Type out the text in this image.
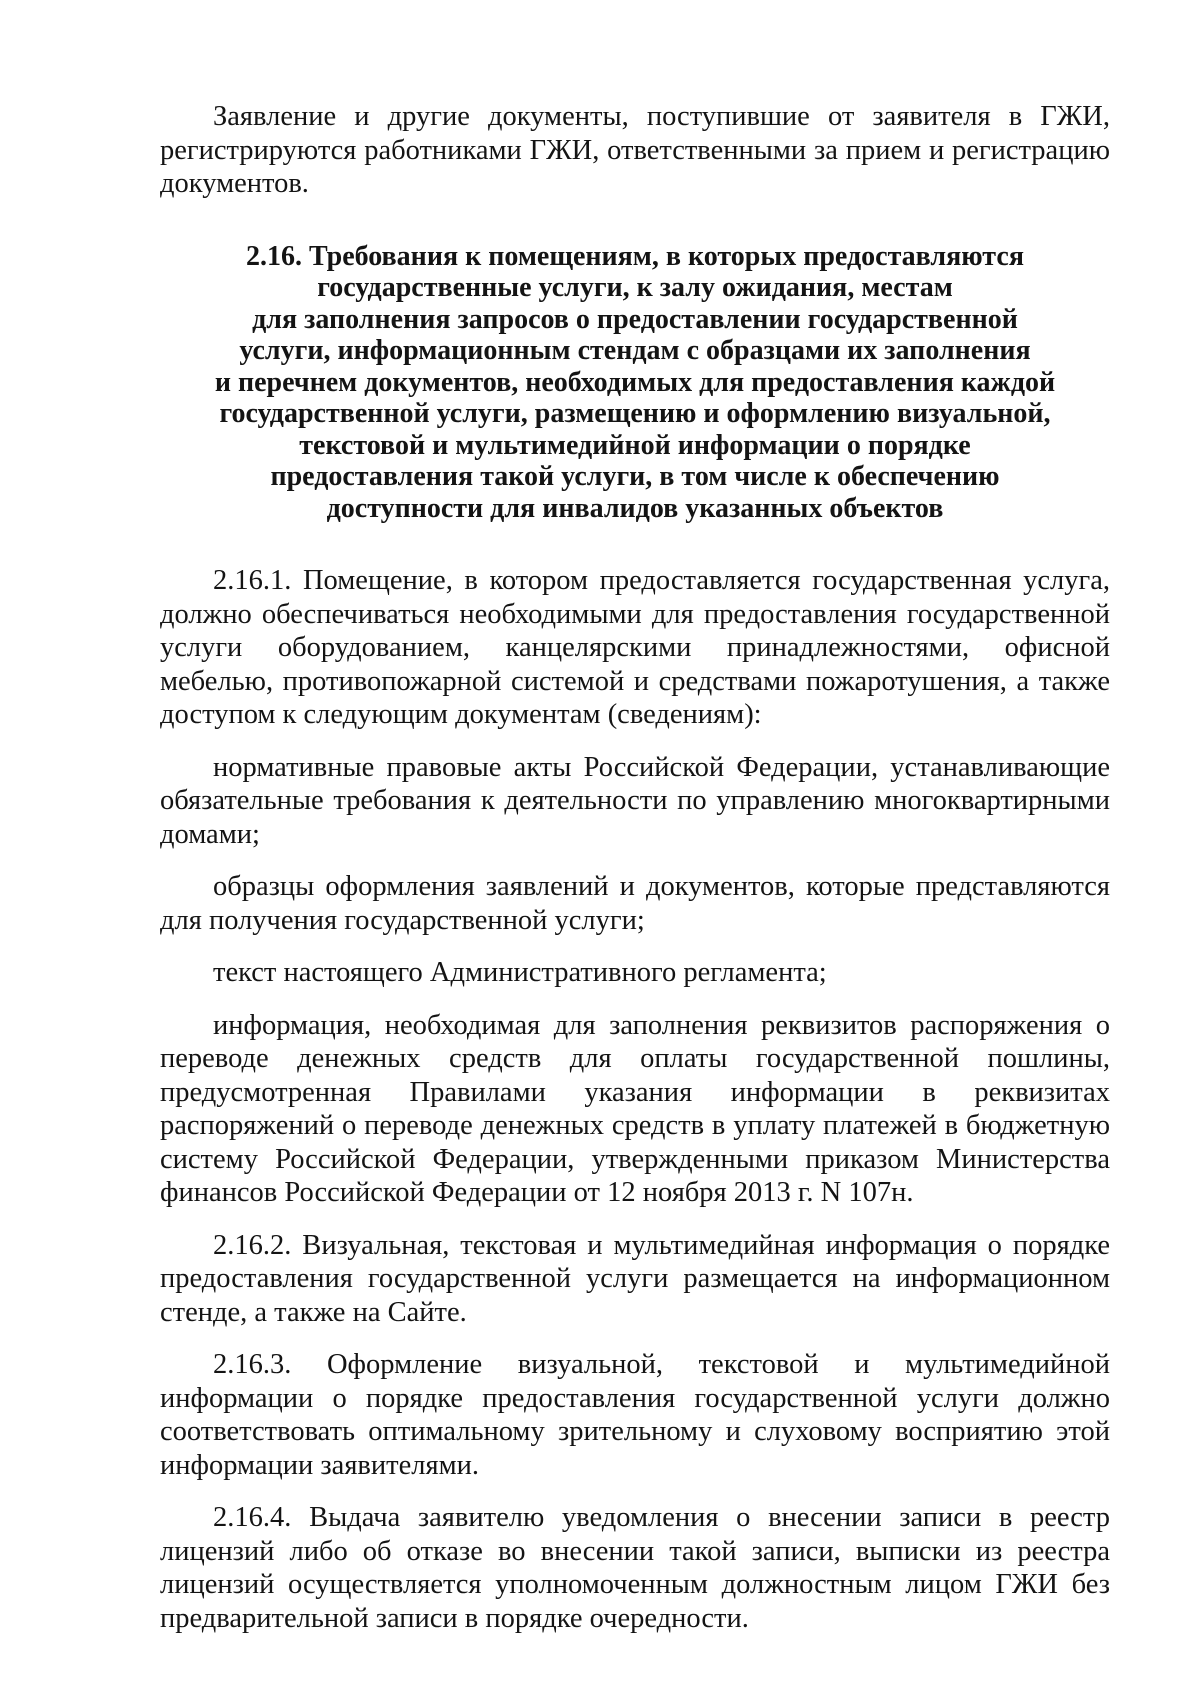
Заявление и другие документы, поступившие от заявителя в ГЖИ, регистрируются работниками ГЖИ, ответственными за прием и регистрацию документов.

2.16. Требования к помещениям, в которых предоставляются
государственные услуги, к залу ожидания, местам
для заполнения запросов о предоставлении государственной
услуги, информационным стендам с образцами их заполнения
и перечнем документов, необходимых для предоставления каждой
государственной услуги, размещению и оформлению визуальной,
текстовой и мультимедийной информации о порядке
предоставления такой услуги, в том числе к обеспечению
доступности для инвалидов указанных объектов

2.16.1. Помещение, в котором предоставляется государственная услуга, должно обеспечиваться необходимыми для предоставления государственной услуги оборудованием, канцелярскими принадлежностями, офисной мебелью, противопожарной системой и средствами пожаротушения, а также доступом к следующим документам (сведениям):

нормативные правовые акты Российской Федерации, устанавливающие обязательные требования к деятельности по управлению многоквартирными домами;

образцы оформления заявлений и документов, которые представляются для получения государственной услуги;

текст настоящего Административного регламента;

информация, необходимая для заполнения реквизитов распоряжения о переводе денежных средств для оплаты государственной пошлины, предусмотренная Правилами указания информации в реквизитах распоряжений о переводе денежных средств в уплату платежей в бюджетную систему Российской Федерации, утвержденными приказом Министерства финансов Российской Федерации от 12 ноября 2013 г. N 107н.

2.16.2. Визуальная, текстовая и мультимедийная информация о порядке предоставления государственной услуги размещается на информационном стенде, а также на Сайте.

2.16.3. Оформление визуальной, текстовой и мультимедийной информации о порядке предоставления государственной услуги должно соответствовать оптимальному зрительному и слуховому восприятию этой информации заявителями.

2.16.4. Выдача заявителю уведомления о внесении записи в реестр лицензий либо об отказе во внесении такой записи, выписки из реестра лицензий осуществляется уполномоченным должностным лицом ГЖИ без предварительной записи в порядке очередности.
